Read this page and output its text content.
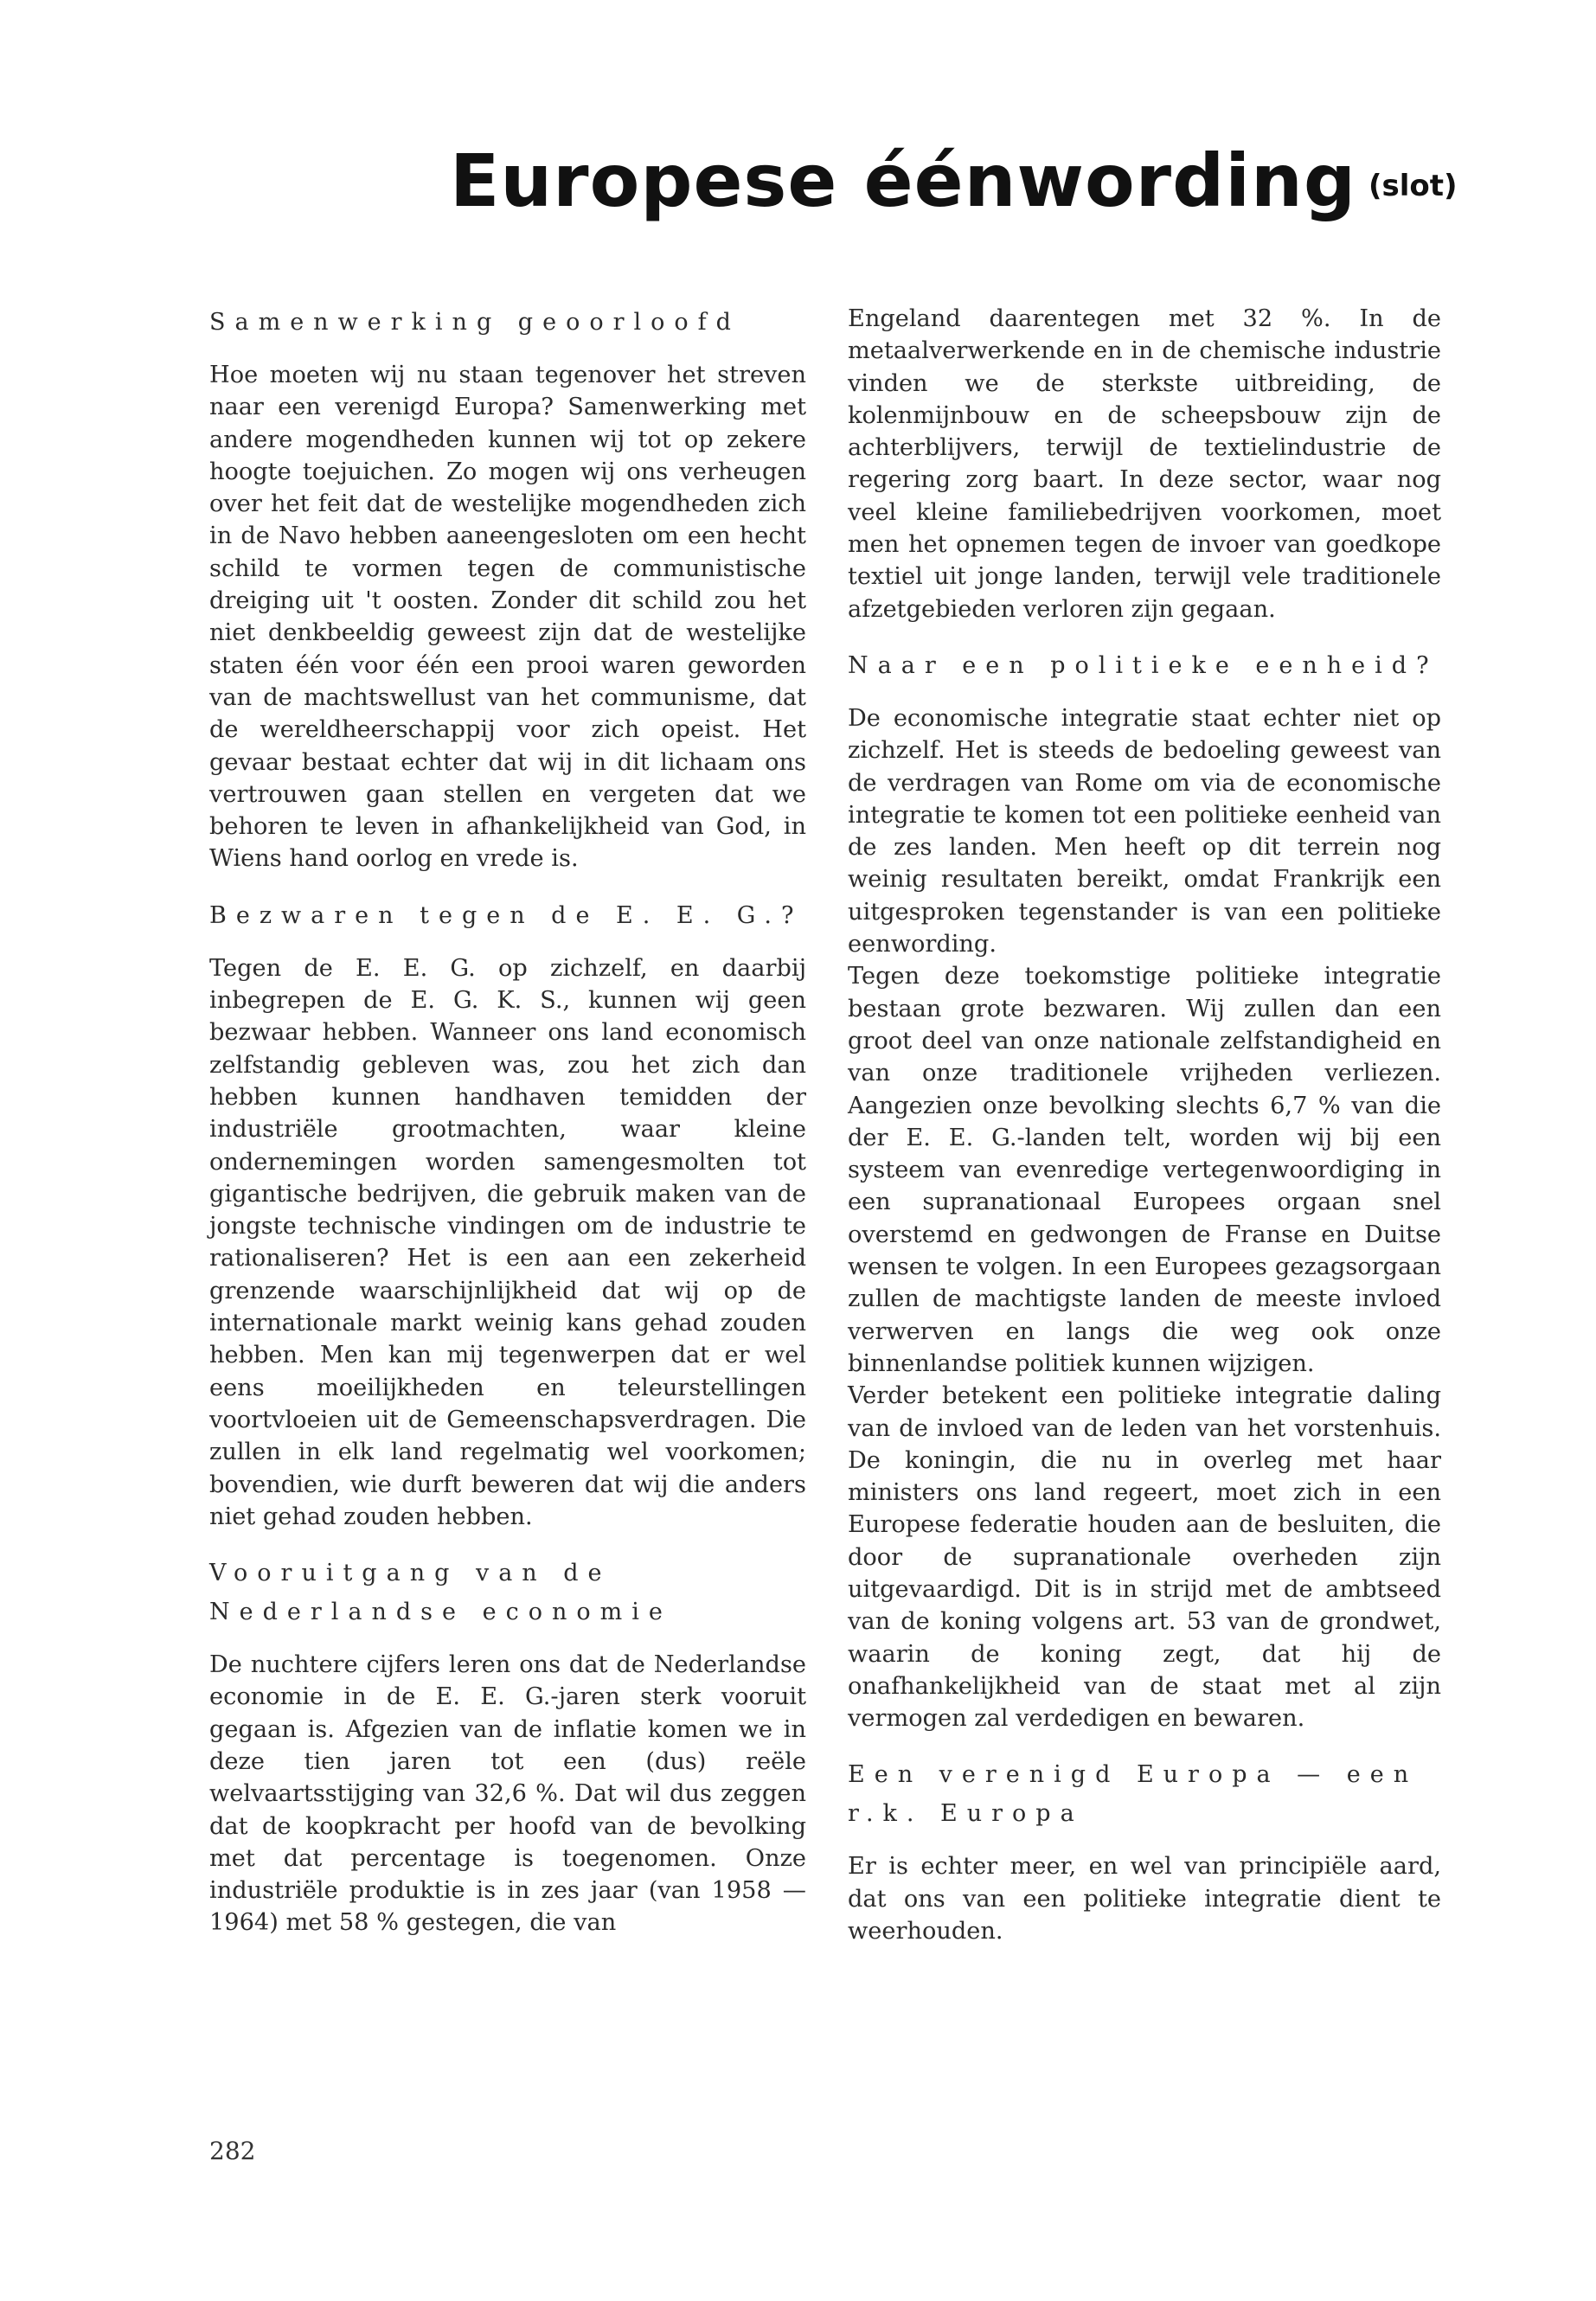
Europese éénwording (slot)
Samenwerking geoorloofd

Hoe moeten wij nu staan tegenover het streven naar een verenigd Europa? Samenwerking met andere mogendheden kunnen wij tot op zekere hoogte toejuichen. Zo mogen wij ons verheugen over het feit dat de westelijke mogendheden zich in de Navo hebben aaneengesloten om een hecht schild te vormen tegen de communistische dreiging uit 't oosten. Zonder dit schild zou het niet denkbeeldig geweest zijn dat de westelijke staten één voor één een prooi waren geworden van de machtswellust van het communisme, dat de wereldheerschappij voor zich opeist. Het gevaar bestaat echter dat wij in dit lichaam ons vertrouwen gaan stellen en vergeten dat we behoren te leven in afhankelijkheid van God, in Wiens hand oorlog en vrede is.

Bezwaren tegen de E. E. G.?

Tegen de E. E. G. op zichzelf, en daarbij inbegrepen de E. G. K. S., kunnen wij geen bezwaar hebben. Wanneer ons land economisch zelfstandig gebleven was, zou het zich dan hebben kunnen handhaven temidden der industriële grootmachten, waar kleine ondernemingen worden samengesmolten tot gigantische bedrijven, die gebruik maken van de jongste technische vindingen om de industrie te rationaliseren? Het is een aan een zekerheid grenzende waarschijnlijkheid dat wij op de internationale markt weinig kans gehad zouden hebben. Men kan mij tegenwerpen dat er wel eens moeilijkheden en teleurstellingen voortvloeien uit de Gemeenschapsverdragen. Die zullen in elk land regelmatig wel voorkomen; bovendien, wie durft beweren dat wij die anders niet gehad zouden hebben.

Vooruitgang van de Nederlandse economie

De nuchtere cijfers leren ons dat de Nederlandse economie in de E. E. G.-jaren sterk vooruit gegaan is. Afgezien van de inflatie komen we in deze tien jaren tot een (dus) reële welvaartsstijging van 32,6 %. Dat wil dus zeggen dat de koopkracht per hoofd van de bevolking met dat percentage is toegenomen. Onze industriële produktie is in zes jaar (van 1958 — 1964) met 58 % gestegen, die van

Engeland daarentegen met 32 %. In de metaalverwerkende en in de chemische industrie vinden we de sterkste uitbreiding, de kolenmijnbouw en de scheepsbouw zijn de achterblijvers, terwijl de textielindustrie de regering zorg baart. In deze sector, waar nog veel kleine familiebedrijven voorkomen, moet men het opnemen tegen de invoer van goedkope textiel uit jonge landen, terwijl vele traditionele afzetgebieden verloren zijn gegaan.

Naar een politieke eenheid?

De economische integratie staat echter niet op zichzelf. Het is steeds de bedoeling geweest van de verdragen van Rome om via de economische integratie te komen tot een politieke eenheid van de zes landen. Men heeft op dit terrein nog weinig resultaten bereikt, omdat Frankrijk een uitgesproken tegenstander is van een politieke eenwording.

Tegen deze toekomstige politieke integratie bestaan grote bezwaren. Wij zullen dan een groot deel van onze nationale zelfstandigheid en van onze traditionele vrijheden verliezen. Aangezien onze bevolking slechts 6,7 % van die der E. E. G.-landen telt, worden wij bij een systeem van evenredige vertegenwoordiging in een supranationaal Europees orgaan snel overstemd en gedwongen de Franse en Duitse wensen te volgen. In een Europees gezagsorgaan zullen de machtigste landen de meeste invloed verwerven en langs die weg ook onze binnenlandse politiek kunnen wijzigen.

Verder betekent een politieke integratie daling van de invloed van de leden van het vorstenhuis. De koningin, die nu in overleg met haar ministers ons land regeert, moet zich in een Europese federatie houden aan de besluiten, die door de supranationale overheden zijn uitgevaardigd. Dit is in strijd met de ambtseed van de koning volgens art. 53 van de grondwet, waarin de koning zegt, dat hij de onafhankelijkheid van de staat met al zijn vermogen zal verdedigen en bewaren.

Een verenigd Europa — een r.k. Europa

Er is echter meer, en wel van principiële aard, dat ons van een politieke integratie dient te weerhouden.

282
